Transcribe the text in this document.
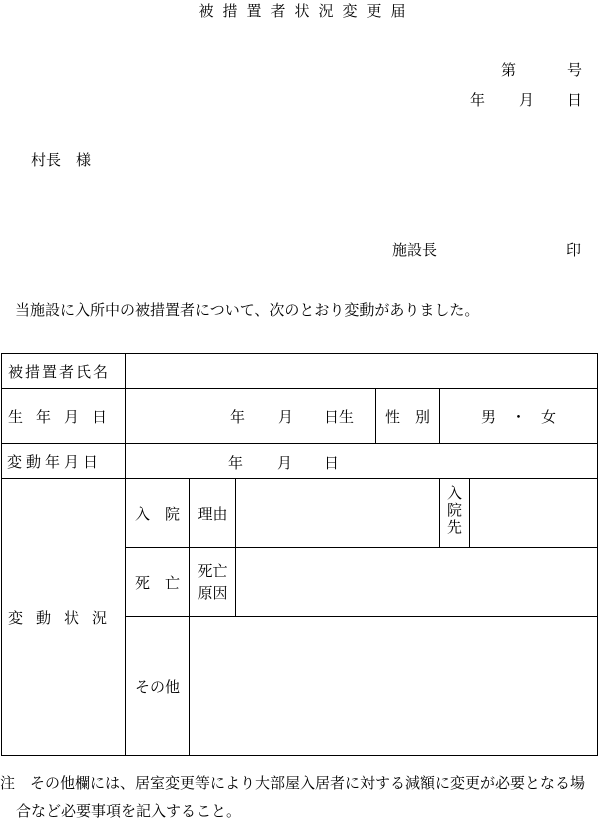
被措置者状況変更届
第	号
年 月 日
村長　様
施設長	印
当施設に入所中の被措置者について、次のとおり変動がありました。
被措置者氏名						
生年月日	年 月 日生			性　別	男　・　女	
変動年月日	年 月 日					

変動状況	入　院	理由			入院先	
	死　亡	死亡
原因				

	その他					
注　その他欄には、居室変更等により大部屋入居者に対する減額に変更が必要となる場
合など必要事項を記入すること。
